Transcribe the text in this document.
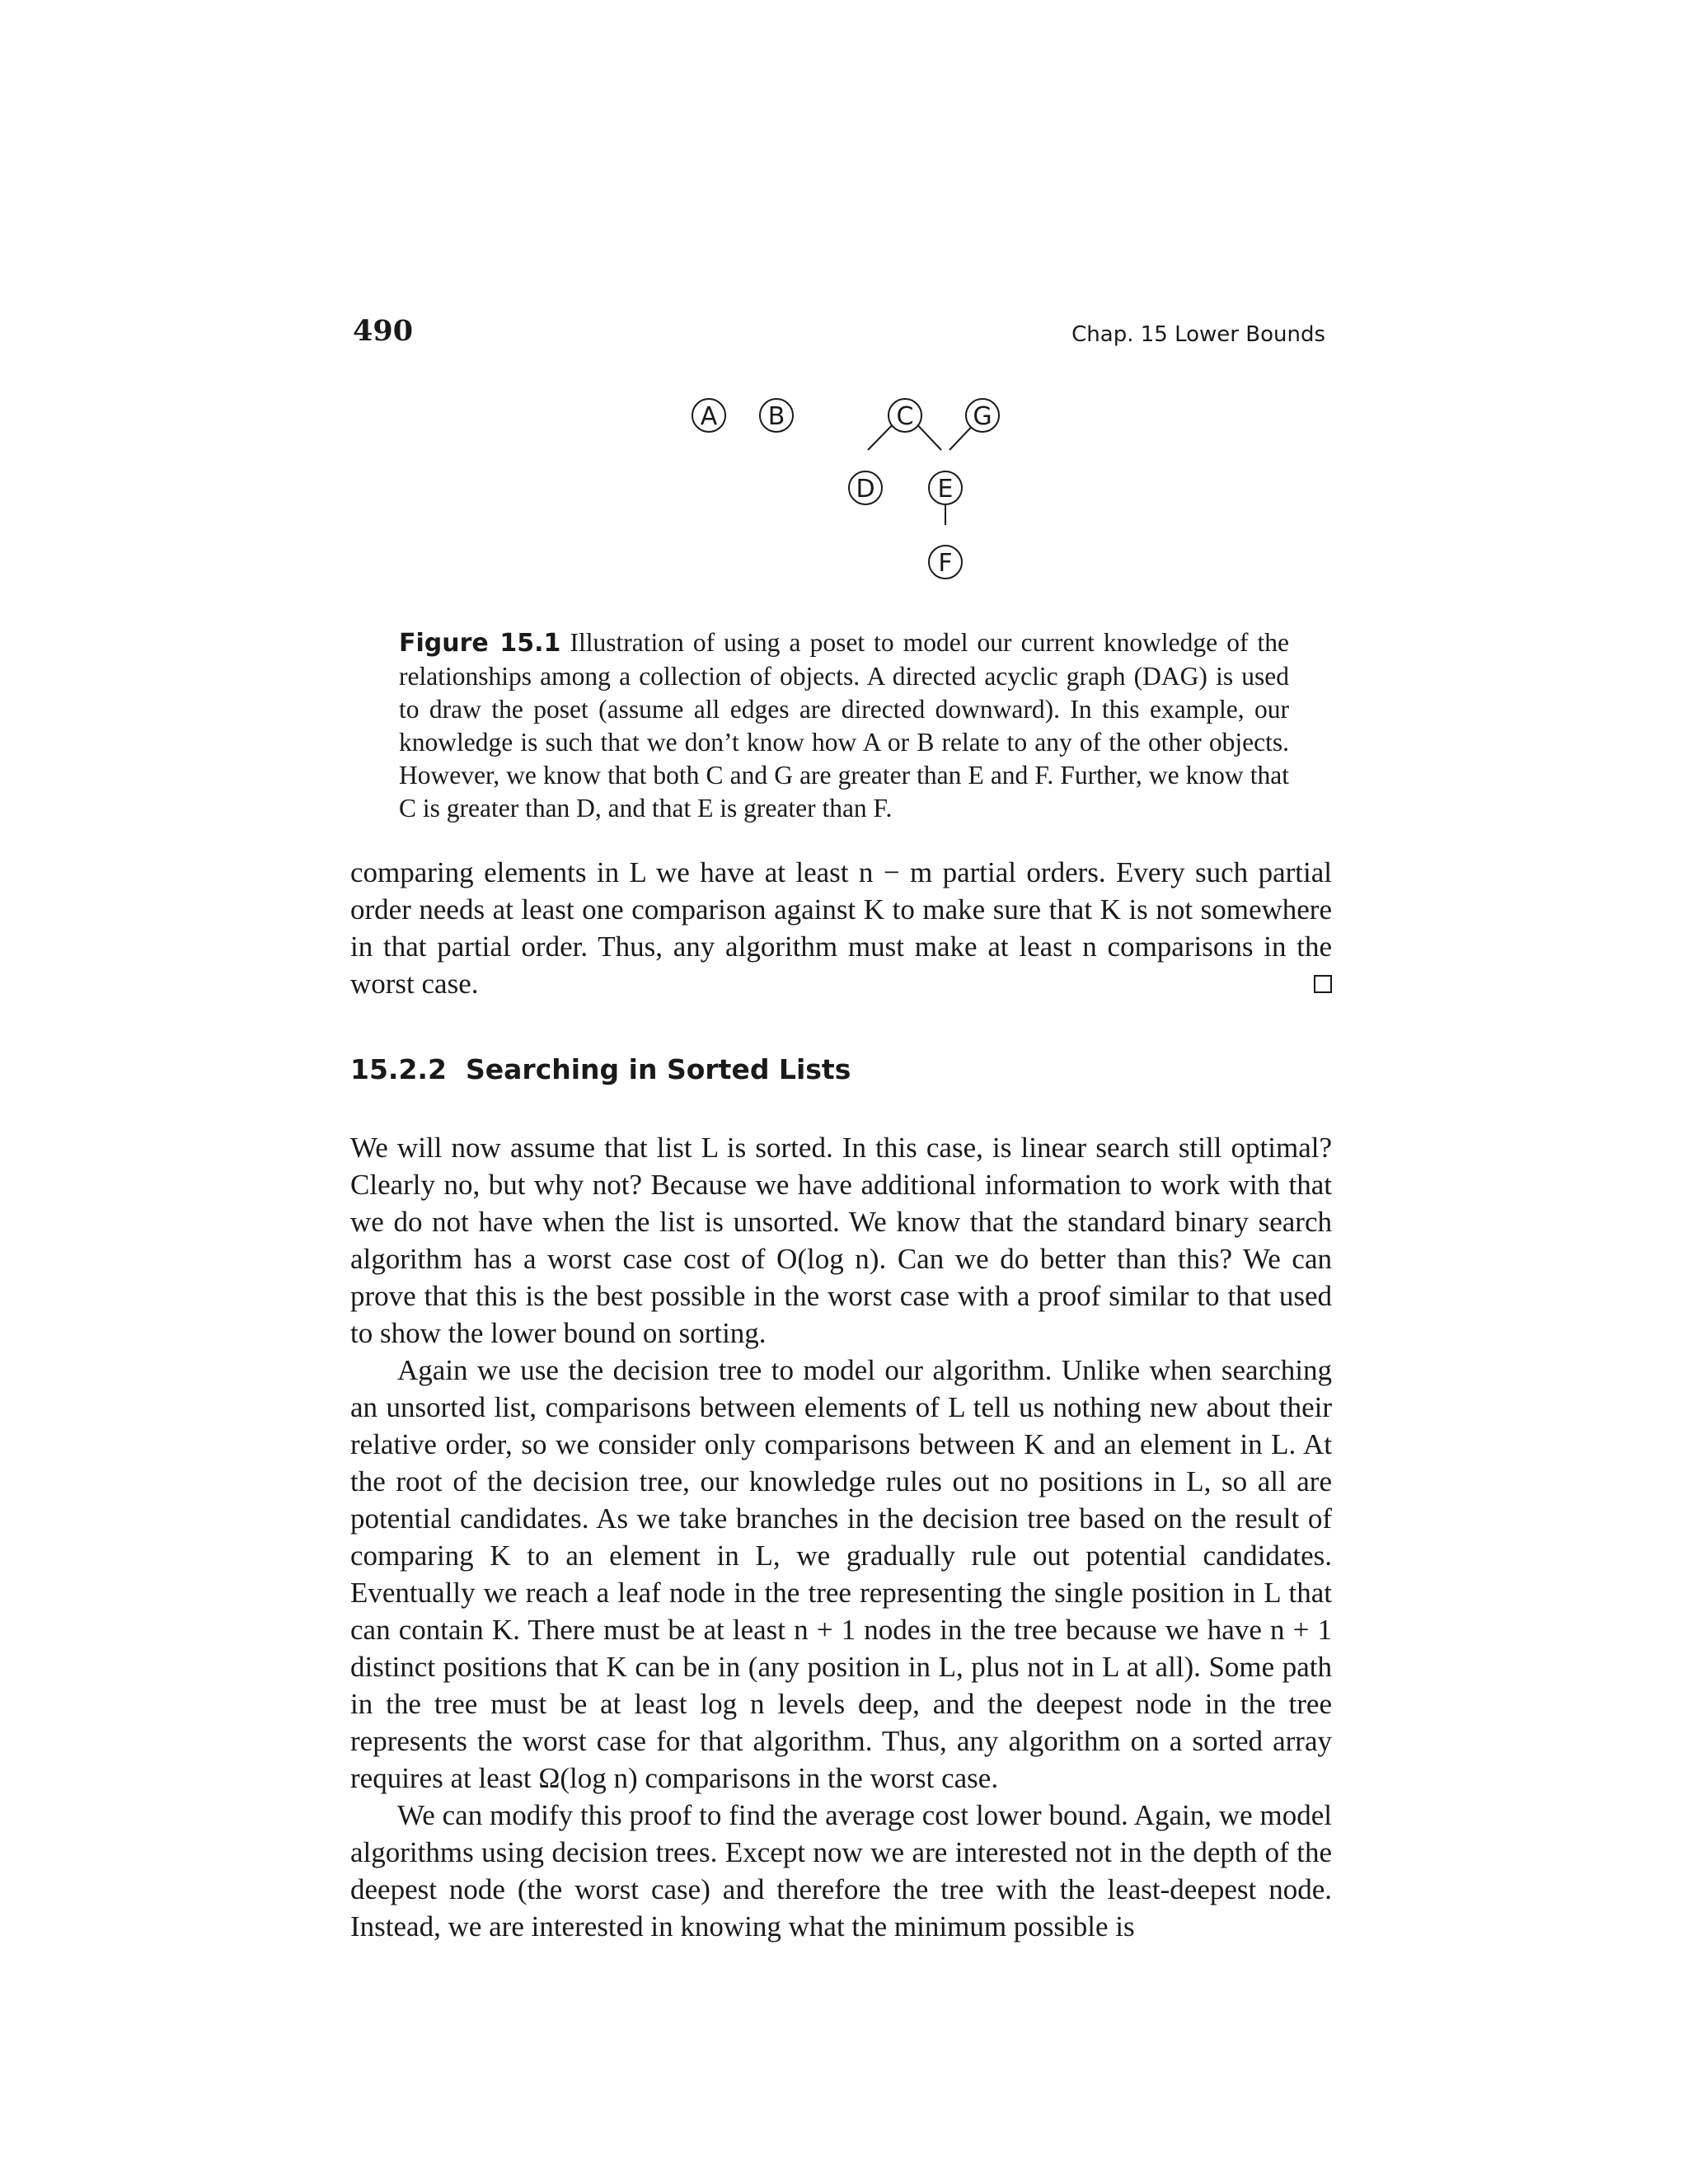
490	Chap. 15 Lower Bounds
A B	C G
D	E
F
Figure 15.1 Illustration of using a poset to model our current knowledge of the relationships among a collection of objects. A directed acyclic graph (DAG) is used to draw the poset (assume all edges are directed downward). In this example, our knowledge is such that we don’t know how A or B relate to any of the other objects. However, we know that both C and G are greater than E and F. Further, we know that C is greater than D, and that E is greater than F.

comparing elements in L we have at least n − m partial orders. Every such partial order needs at least one comparison against K to make sure that K is not somewhere in that partial order. Thus, any algorithm must make at least n comparisons in the worst case.

15.2.2 Searching in Sorted Lists

We will now assume that list L is sorted. In this case, is linear search still optimal? Clearly no, but why not? Because we have additional information to work with that we do not have when the list is unsorted. We know that the standard binary search algorithm has a worst case cost of O(log n). Can we do better than this? We can prove that this is the best possible in the worst case with a proof similar to that used to show the lower bound on sorting.

Again we use the decision tree to model our algorithm. Unlike when searching an unsorted list, comparisons between elements of L tell us nothing new about their relative order, so we consider only comparisons between K and an element in L. At the root of the decision tree, our knowledge rules out no positions in L, so all are potential candidates. As we take branches in the decision tree based on the result of comparing K to an element in L, we gradually rule out potential candidates. Eventually we reach a leaf node in the tree representing the single position in L that can contain K. There must be at least n + 1 nodes in the tree because we have n + 1 distinct positions that K can be in (any position in L, plus not in L at all). Some path in the tree must be at least log n levels deep, and the deepest node in the tree represents the worst case for that algorithm. Thus, any algorithm on a sorted array requires at least Ω(log n) comparisons in the worst case.

We can modify this proof to find the average cost lower bound. Again, we model algorithms using decision trees. Except now we are interested not in the depth of the deepest node (the worst case) and therefore the tree with the least-deepest node. Instead, we are interested in knowing what the minimum possible is
